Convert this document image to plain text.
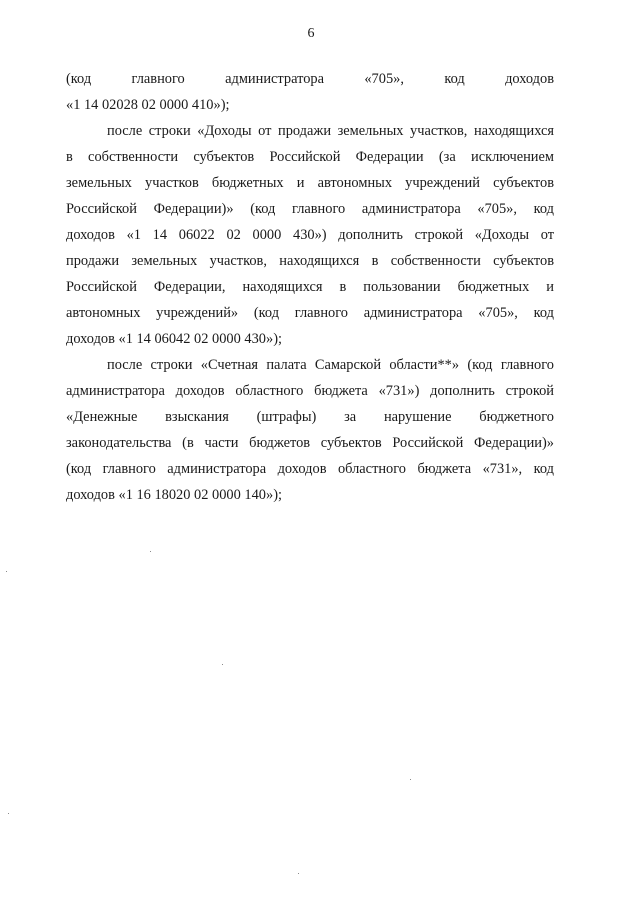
6
(код главного администратора «705», код доходов
«1 14 02028 02 0000 410»);
после строки «Доходы от продажи земельных участков, находящихся
в собственности субъектов Российской Федерации (за исключением
земельных участков бюджетных и автономных учреждений субъектов
Российской Федерации)» (код главного администратора «705», код
доходов «1 14 06022 02 0000 430») дополнить строкой «Доходы от
продажи земельных участков, находящихся в собственности субъектов
Российской Федерации, находящихся в пользовании бюджетных и
автономных учреждений» (код главного администратора «705», код
доходов «1 14 06042 02 0000 430»);
после строки «Счетная палата Самарской области**» (код главного
администратора доходов областного бюджета «731») дополнить строкой
«Денежные взыскания (штрафы) за нарушение бюджетного
законодательства (в части бюджетов субъектов Российской Федерации)»
(код главного администратора доходов областного бюджета «731», код
доходов «1 16 18020 02 0000 140»);
